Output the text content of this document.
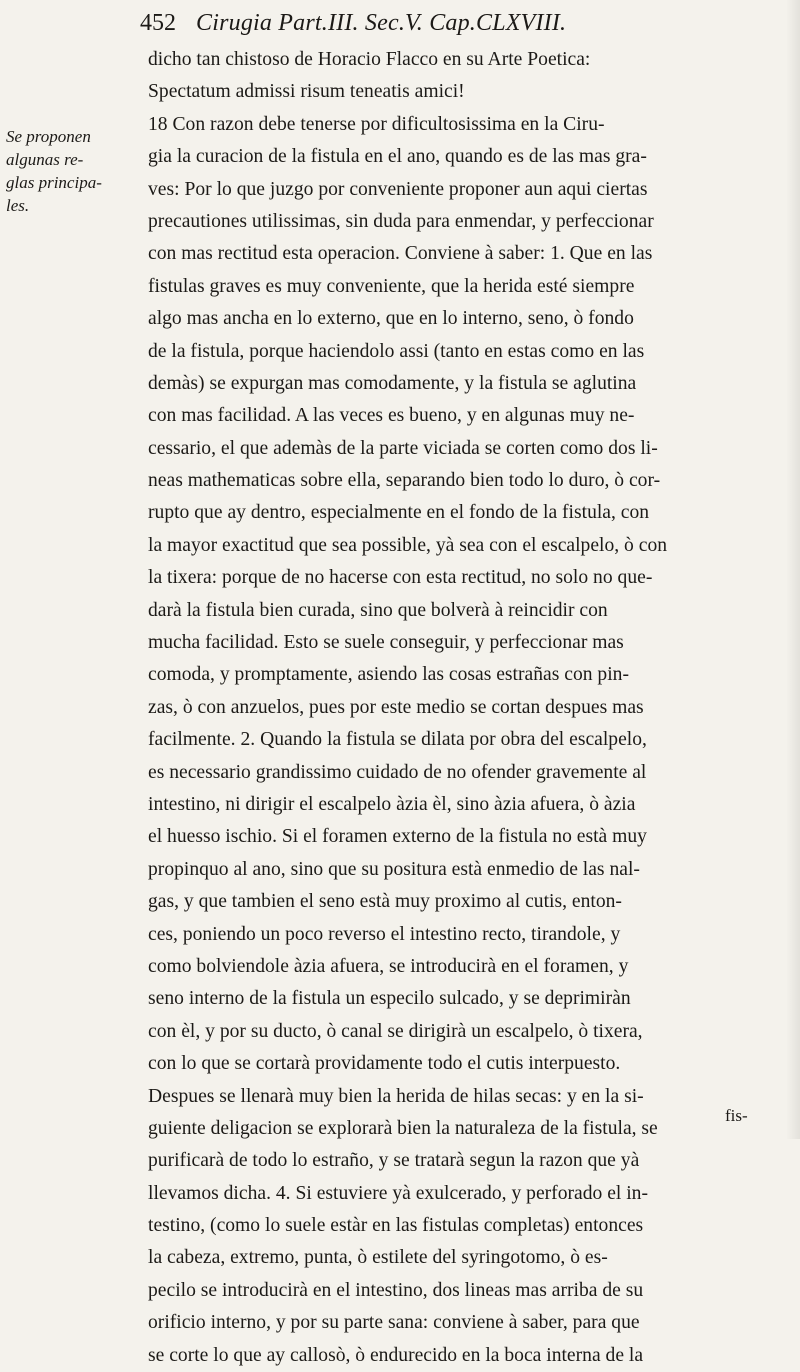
452 Cirugia Part.III. Sec.V. Cap.CLXVIII.
Se proponen
algunas re-
glas principa-
les.
dicho tan chistoso de Horacio Flacco en su Arte Poetica:
Spectatum admissi risum teneatis amici!
18 Con razon debe tenerse por dificultosissima en la Ciru-
gia la curacion de la fistula en el ano, quando es de las mas gra-
ves: Por lo que juzgo por conveniente proponer aun aqui ciertas
precautiones utilissimas, sin duda para enmendar, y perfeccionar
con mas rectitud esta operacion. Conviene à saber: 1. Que en las
fistulas graves es muy conveniente, que la herida esté siempre
algo mas ancha en lo externo, que en lo interno, seno, ò fondo
de la fistula, porque haciendolo assi (tanto en estas como en las
demàs) se expurgan mas comodamente, y la fistula se aglutina
con mas facilidad. A las veces es bueno, y en algunas muy ne-
cessario, el que ademàs de la parte viciada se corten como dos li-
neas mathematicas sobre ella, separando bien todo lo duro, ò cor-
rupto que ay dentro, especialmente en el fondo de la fistula, con
la mayor exactitud que sea possible, yà sea con el escalpelo, ò con
la tixera: porque de no hacerse con esta rectitud, no solo no que-
darà la fistula bien curada, sino que bolverà à reincidir con
mucha facilidad. Esto se suele conseguir, y perfeccionar mas
comoda, y promptamente, asiendo las cosas estrañas con pin-
zas, ò con anzuelos, pues por este medio se cortan despues mas
facilmente. 2. Quando la fistula se dilata por obra del escalpelo,
es necessario grandissimo cuidado de no ofender gravemente al
intestino, ni dirigir el escalpelo àzia èl, sino àzia afuera, ò àzia
el huesso ischio. Si el foramen externo de la fistula no està muy
propinquo al ano, sino que su positura està enmedio de las nal-
gas, y que tambien el seno està muy proximo al cutis, enton-
ces, poniendo un poco reverso el intestino recto, tirandole, y
como bolviendole àzia afuera, se introducirà en el foramen, y
seno interno de la fistula un especilo sulcado, y se deprimiràn
con èl, y por su ducto, ò canal se dirigirà un escalpelo, ò tixera,
con lo que se cortarà providamente todo el cutis interpuesto.
Despues se llenarà muy bien la herida de hilas secas: y en la si-
guiente deligacion se explorarà bien la naturaleza de la fistula, se
purificarà de todo lo estraño, y se tratarà segun la razon que yà
llevamos dicha. 4. Si estuviere yà exulcerado, y perforado el in-
testino, (como lo suele estàr en las fistulas completas) entonces
la cabeza, extremo, punta, ò estilete del syringotomo, ò es-
pecilo se introducirà en el intestino, dos lineas mas arriba de su
orificio interno, y por su parte sana: conviene à saber, para que
se corte lo que ay callosò, ò endurecido en la boca interna de la
fis-
